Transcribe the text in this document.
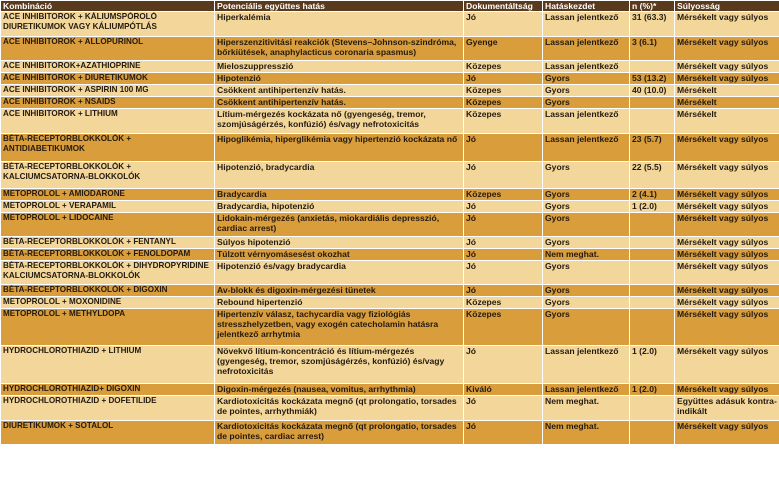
Kombináció	Potenciális együttes hatás	Dokumentáltság	Hatáskezdet	n (%)*	Súlyosság
ACE INHIBITOROK + KÁLIUMSPÓROLÓ DIURETIKUMOK VAGY KÁLIUMPÓTLÁS	Hiperkalémia	Jó	Lassan jelentkező	31 (63.3)	Mérsékelt vagy súlyos
ACE INHIBITOROK + ALLOPURINOL	Hiperszenzitivitási reakciók (Stevens–Johnson-szindróma, bőrkiütések, anaphylacticus coronaria spasmus)	Gyenge	Lassan jelentkező	3 (6.1)	Mérsékelt vagy súlyos
ACE INHIBITOROK+AZATHIOPRINE	Mieloszuppresszió	Közepes	Lassan jelentkező		Mérsékelt vagy súlyos
ACE INHIBITOROK + DIURETIKUMOK	Hipotenzió	Jó	Gyors	53 (13.2)	Mérsékelt vagy súlyos
ACE INHIBITOROK + ASPIRIN 100 MG	Csökkent antihipertenzív hatás.	Közepes	Gyors	40 (10.0)	Mérsékelt
ACE INHIBITOROK + NSAIDS	Csökkent antihipertenzív hatás.	Közepes	Gyors		Mérsékelt
ACE INHIBITOROK + LITHIUM	Lítium-mérgezés kockázata nő (gyengeség, tremor, szomjúságérzés, konfúzió) és/vagy nefrotoxicitás	Közepes	Lassan jelentkező		Mérsékelt
BÉTA-RECEPTORBLOKKOLÓK + ANTIDIABETIKUMOK	Hipoglikémia, hiperglikémia vagy hipertenzió kockázata nő	Jó	Lassan jelentkező	23 (5.7)	Mérsékelt vagy súlyos
BÉTA-RECEPTORBLOKKOLÓK + KALCIUMCSATORNA-BLOKKOLÓK	Hipotenzió, bradycardia	Jó	Gyors	22 (5.5)	Mérsékelt vagy súlyos
METOPROLOL + AMIODARONE	Bradycardia	Közepes	Gyors	2 (4.1)	Mérsékelt vagy súlyos
METOPROLOL + VERAPAMIL	Bradycardia, hipotenzió	Jó	Gyors	1 (2.0)	Mérsékelt vagy súlyos
METOPROLOL + LIDOCAINE	Lidokain-mérgezés (anxietás, miokardiális depresszió, cardiac arrest)	Jó	Gyors		Mérsékelt vagy súlyos
BÉTA-RECEPTORBLOKKOLÓK + FENTANYL	Súlyos hipotenzió	Jó	Gyors		Mérsékelt vagy súlyos
BÉTA-RECEPTORBLOKKOLÓK + FENOLDOPAM	Túlzott vérnyomásesést okozhat	Jó	Nem meghat.		Mérsékelt vagy súlyos
BÉTA-RECEPTORBLOKKOLÓK + DIHYDROPYRIDINE KALCIUMCSATORNA-BLOKKOLÓK	Hipotenzió és/vagy bradycardia	Jó	Gyors		Mérsékelt vagy súlyos
BÉTA-RECEPTORBLOKKOLÓK + DIGOXIN	Av-blokk és digoxin-mérgezési tünetek	Jó	Gyors		Mérsékelt vagy súlyos
METOPROLOL + MOXONIDINE	Rebound hipertenzió	Közepes	Gyors		Mérsékelt vagy súlyos
METOPROLOL + METHYLDOPA	Hipertenzív válasz, tachycardia vagy fiziológiás stresszhelyzetben, vagy exogén catecholamin hatásra jelentkező arrhytmia	Közepes	Gyors		Mérsékelt vagy súlyos
HYDROCHLOROTHIAZID + LITHIUM	Növekvő lítium-koncentráció és lítium-mérgezés (gyengeség, tremor, szomjúságérzés, konfúzió) és/vagy nefrotoxicitás	Jó	Lassan jelentkező	1 (2.0)	Mérsékelt vagy súlyos
HYDROCHLOROTHIAZID+ DIGOXIN	Digoxin-mérgezés (nausea, vomitus, arrhythmia)	Kiváló	Lassan jelentkező	1 (2.0)	Mérsékelt vagy súlyos
HYDROCHLOROTHIAZID + DOFETILIDE	Kardiotoxicitás kockázata megnő (qt prolongatio, torsades de pointes, arrhythmiák)	Jó	Nem meghat.		Együttes adásuk kontra-indikált
DIURETIKUMOK + SOTALOL	Kardiotoxicitás kockázata megnő (qt prolongatio, torsades de pointes, cardiac arrest)	Jó	Nem meghat.		Mérsékelt vagy súlyos
